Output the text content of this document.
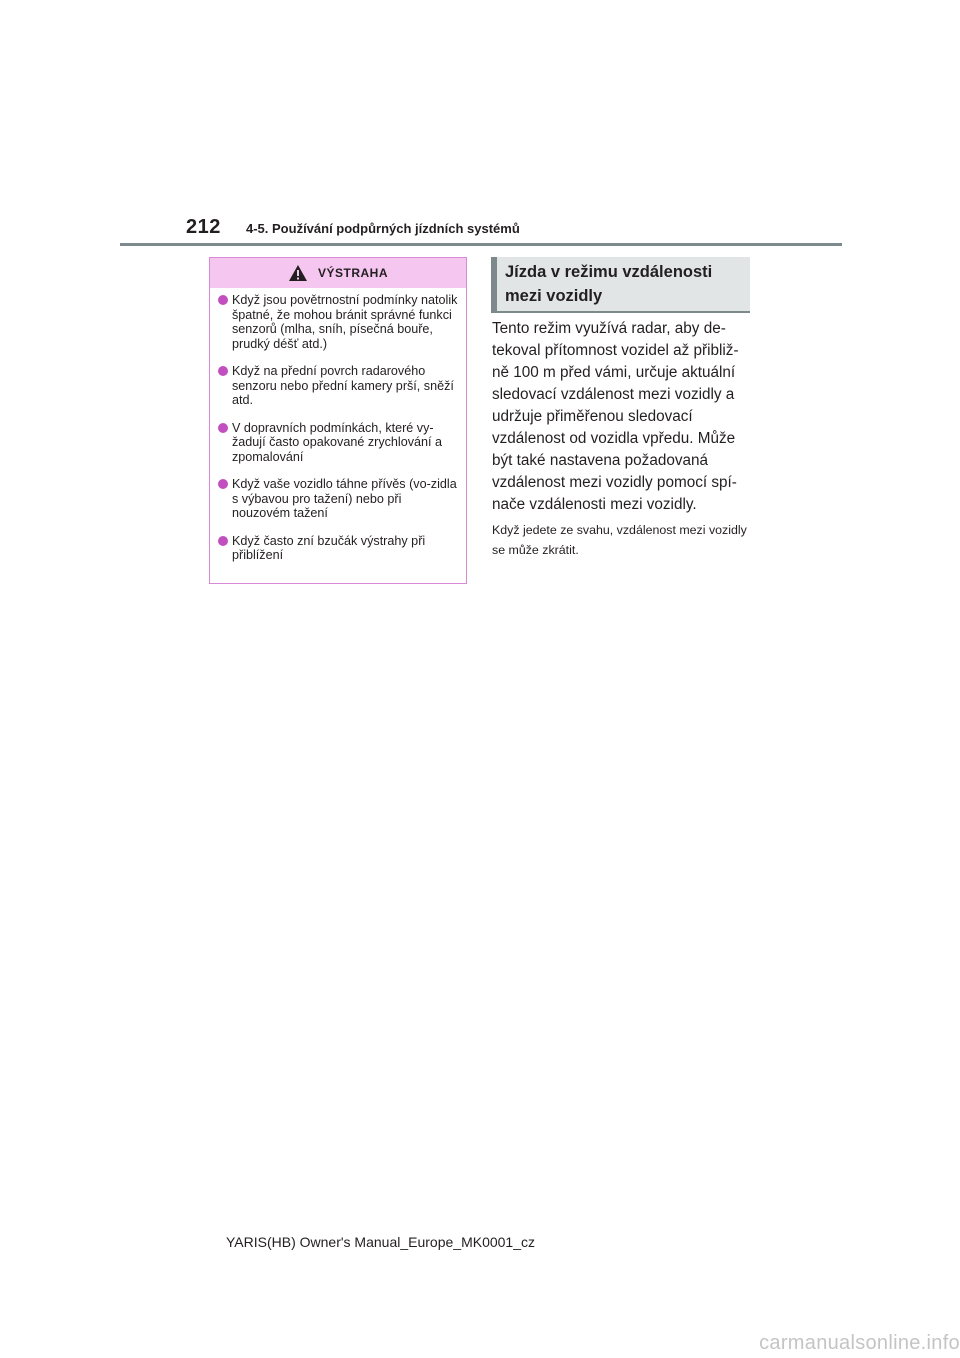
212 4-5. Používání podpůrných jízdních systémů
VÝSTRAHA
Když jsou povětrnostní podmínky natolik špatné, že mohou bránit správné funkci senzorů (mlha, sníh, písečná bouře, prudký déšť atd.)
Když na přední povrch radarového senzoru nebo přední kamery prší, sněží atd.
V dopravních podmínkách, které vy-žadují často opakované zrychlování a zpomalování
Když vaše vozidlo táhne přívěs (vo-zidla s výbavou pro tažení) nebo při nouzovém tažení
Když často zní bzučák výstrahy při přiblížení
Jízda v režimu vzdálenosti mezi vozidly
Tento režim využívá radar, aby de-tekoval přítomnost vozidel až přibliž-ně 100 m před vámi, určuje aktuální sledovací vzdálenost mezi vozidly a udržuje přiměřenou sledovací vzdálenost od vozidla vpředu. Může být také nastavena požadovaná vzdálenost mezi vozidly pomocí spí-nače vzdálenosti mezi vozidly.
Když jedete ze svahu, vzdálenost mezi vozidly se může zkrátit.
YARIS(HB) Owner's Manual_Europe_MK0001_cz
carmanualsonline.info
